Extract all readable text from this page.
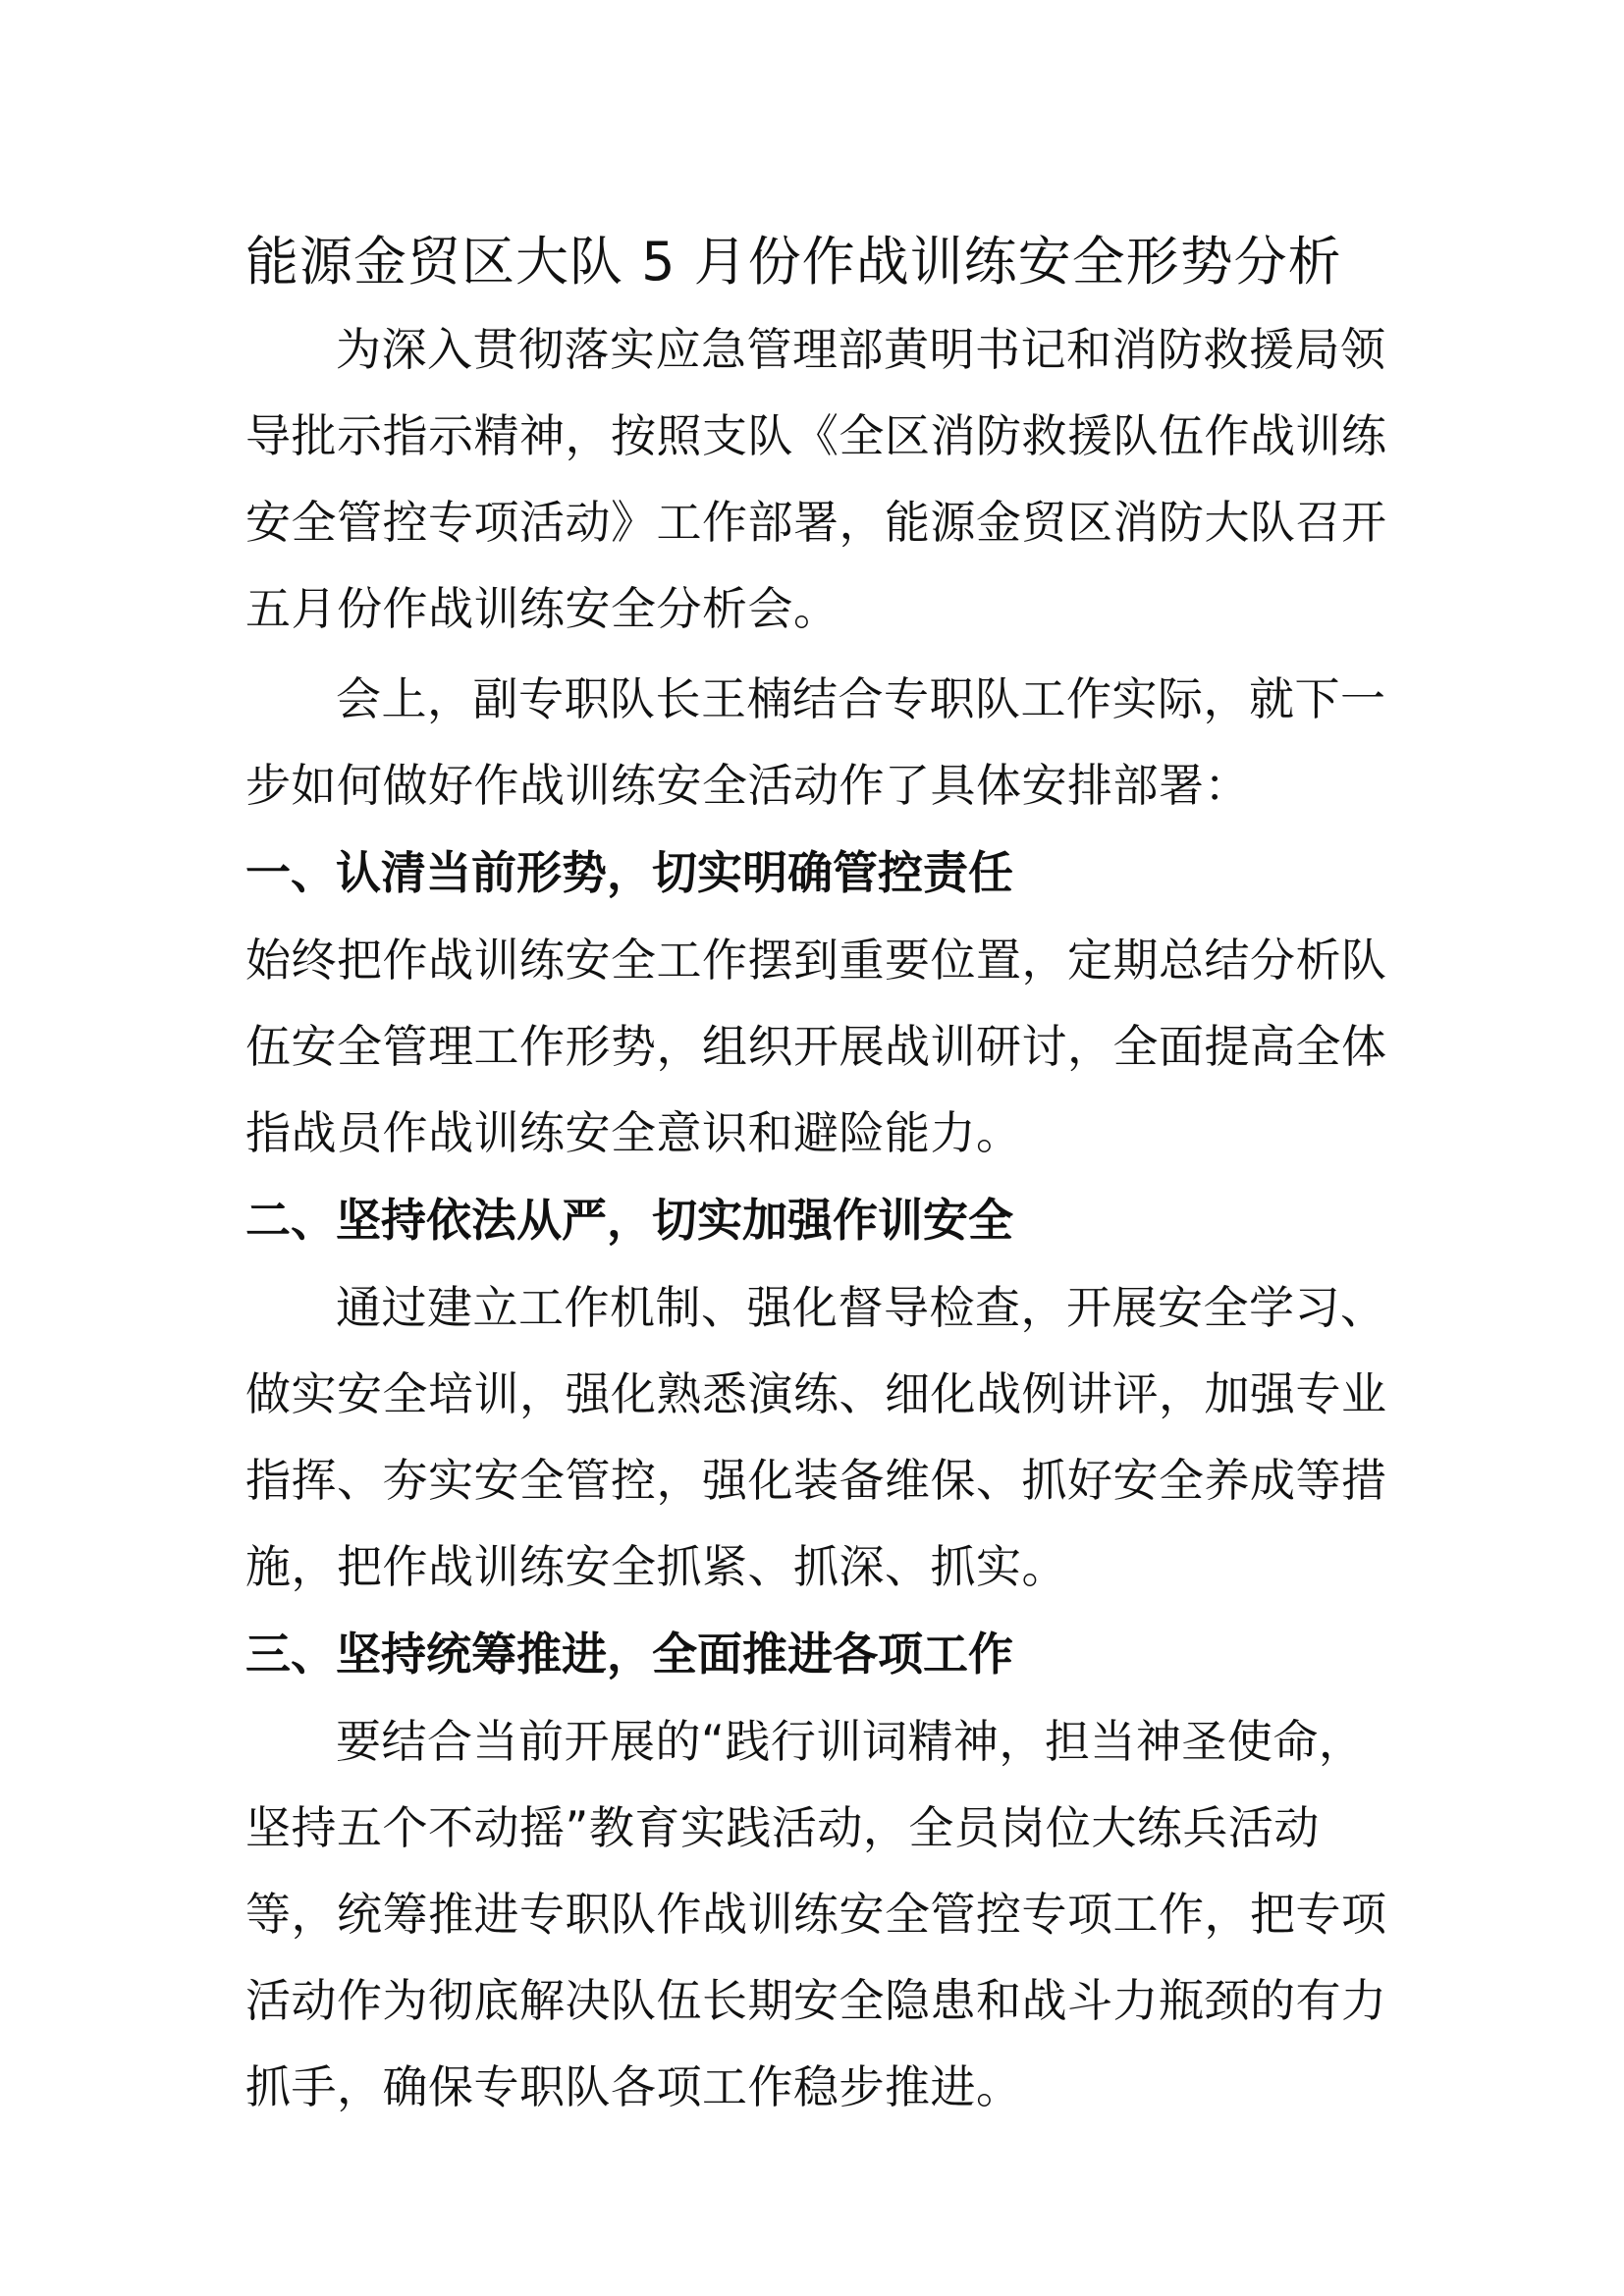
能源金贸区大队 5 月份作战训练安全形势分析

为深入贯彻落实应急管理部黄明书记和消防救援局领导批示指示精神，按照支队《全区消防救援队伍作战训练安全管控专项活动》工作部署，能源金贸区消防大队召开五月份作战训练安全分析会。

会上，副专职队长王楠结合专职队工作实际，就下一步如何做好作战训练安全活动作了具体安排部署：

一、认清当前形势，切实明确管控责任

始终把作战训练安全工作摆到重要位置，定期总结分析队伍安全管理工作形势，组织开展战训研讨，全面提高全体指战员作战训练安全意识和避险能力。

二、坚持依法从严，切实加强作训安全

通过建立工作机制、强化督导检查，开展安全学习、做实安全培训，强化熟悉演练、细化战例讲评，加强专业指挥、夯实安全管控，强化装备维保、抓好安全养成等措施，把作战训练安全抓紧、抓深、抓实。

三、坚持统筹推进，全面推进各项工作

要结合当前开展的“践行训词精神，担当神圣使命，坚持五个不动摇”教育实践活动，全员岗位大练兵活动等，统筹推进专职队作战训练安全管控专项工作，把专项活动作为彻底解决队伍长期安全隐患和战斗力瓶颈的有力抓手，确保专职队各项工作稳步推进。
